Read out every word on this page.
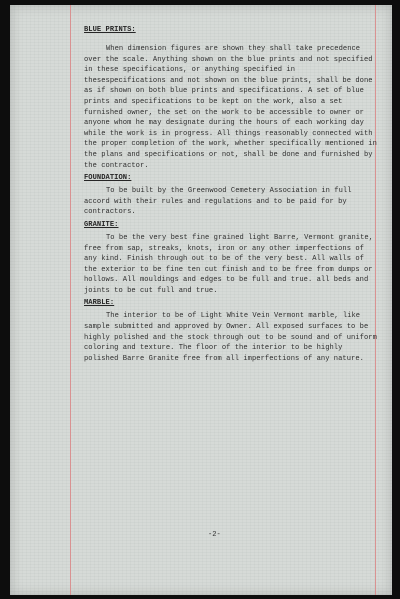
BLUE PRINTS:

When dimension figures are shown they shall take precedence over the scale. Anything shown on the blue prints and not specified in these specifications, or anything specified in thesespecifications and not shown on the blue prints, shall be done as if shown on both blue prints and specifications. A set of blue prints and specifications to be kept on the work, also a set furnished owner, the set on the work to be accessible to owner or anyone whom he may designate during the hours of each working day while the work is in progress. All things reasonably connected with the proper completion of the work, whether specifically mentioned in the plans and specifications or not, shall be done and furnished by the contractor.

FOUNDATION:

To be built by the Greenwood Cemetery Association in full accord with their rules and regulations and to be paid for by contractors.

GRANITE:

To be the very best fine grained light Barre, Vermont granite, free from sap, streaks, knots, iron or any other imperfections of any kind. Finish through out to be of the very best. All walls of the exterior to be fine ten cut finish and to be free from dumps or hollows. All mouldings and edges to be full and true. all beds and joints to be cut full and true.

MARBLE:

The interior to be of Light White Vein Vermont marble, like sample submitted and approved by Owner. All exposed surfaces to be highly polished and the stock through out to be sound and of uniform coloring and texture. The floor of the interior to be highly polished Barre Granite free from all imperfections of any nature.

-2-
